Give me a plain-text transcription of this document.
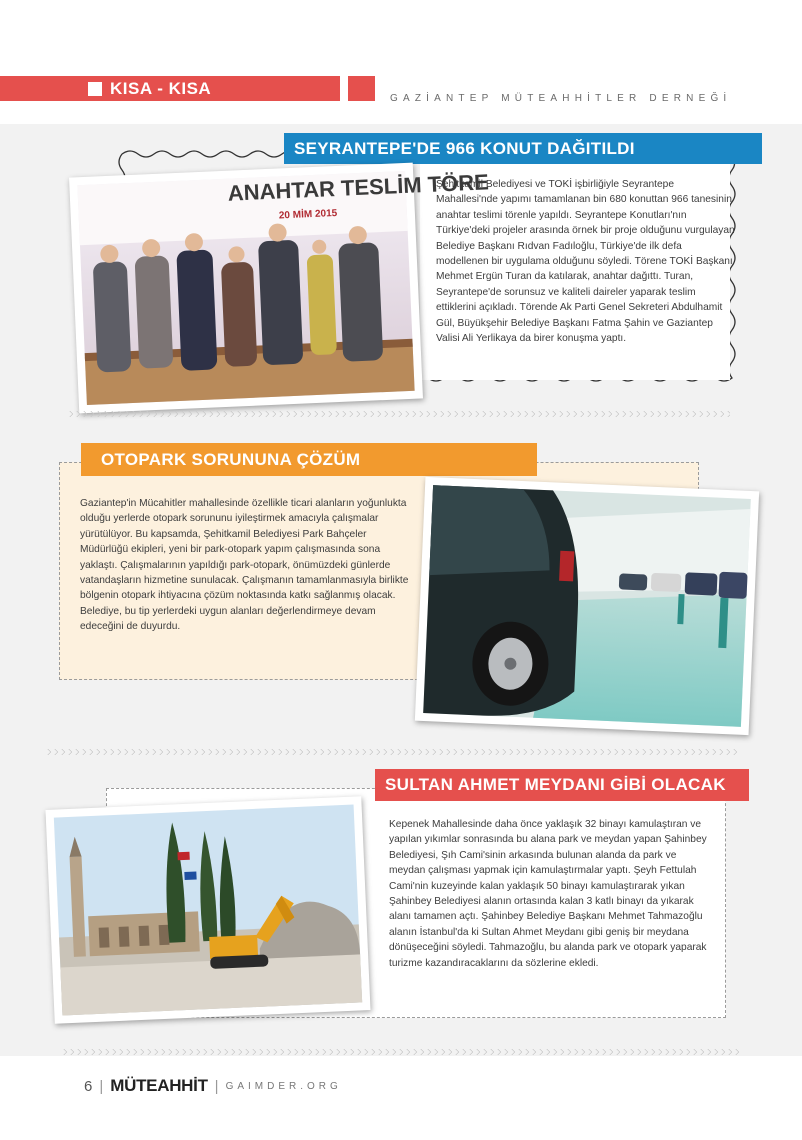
KISA - KISA
GAZİANTEP MÜTEAHHİTLER DERNEĞİ
SEYRANTEPE'DE 966 KONUT DAĞITILDI

Şehitkamil Belediyesi ve TOKİ işbirliğiyle Seyrantepe Mahallesi'nde yapımı tamamlanan bin 680 konuttan 966 tanesinin anahtar teslimi törenle yapıldı. Seyrantepe Konutları'nın Türkiye'deki projeler arasında örnek bir proje olduğunu vurgulayan Belediye Başkanı Rıdvan Fadıloğlu, Türkiye'de ilk defa modellenen bir uygulama olduğunu söyledi. Törene TOKİ Başkanı Mehmet Ergün Turan da katılarak, anahtar dağıttı. Turan, Seyrantepe'de sorunsuz ve kaliteli daireler yaparak teslim ettiklerini açıkladı. Törende Ak Parti Genel Sekreteri Abdulhamit Gül, Büyükşehir Belediye Başkanı Fatma Şahin ve Gaziantep Valisi Ali Yerlikaya da birer konuşma yaptı.

ANAHTAR TESLİM TÖRE
20 MİM 2015
OTOPARK SORUNUNA ÇÖZÜM

Gaziantep'in Mücahitler mahallesinde özellikle ticari alanların yoğunlukta olduğu yerlerde otopark sorununu iyileştirmek amacıyla çalışmalar yürütülüyor. Bu kapsamda, Şehitkamil Belediyesi Park Bahçeler Müdürlüğü ekipleri, yeni bir park-otopark yapım çalışmasında sona yaklaştı. Çalışmalarının yapıldığı park-otopark, önümüzdeki günlerde vatandaşların hizmetine sunulacak. Çalışmanın tamamlanmasıyla birlikte bölgenin otopark ihtiyacına çözüm noktasında katkı sağlanmış olacak. Belediye, bu tip yerlerdeki uygun alanları değerlendirmeye devam edeceğini de duyurdu.

SULTAN AHMET MEYDANI GİBİ OLACAK

Kepenek Mahallesinde daha önce yaklaşık 32 binayı kamulaştıran ve yapılan yıkımlar sonrasında bu alana park ve meydan yapan Şahinbey Belediyesi, Şıh Cami'sinin arkasında bulunan alanda da park ve meydan çalışması yapmak için kamulaştırmalar yaptı. Şeyh Fettulah Cami'nin kuzeyinde kalan yaklaşık 50 binayı kamulaştırarak yıkan Şahinbey Belediyesi alanın ortasında kalan 3 katlı binayı da yıkarak alanı tamamen açtı. Şahinbey Belediye Başkanı Mehmet Tahmazoğlu alanın İstanbul'da ki Sultan Ahmet Meydanı gibi geniş bir meydana dönüşeceğini söyledi. Tahmazoğlu, bu alanda park ve otopark yaparak turizme kazandıracaklarını da sözlerine ekledi.

6 | MÜTEAHHİT | GAIMDER.ORG
